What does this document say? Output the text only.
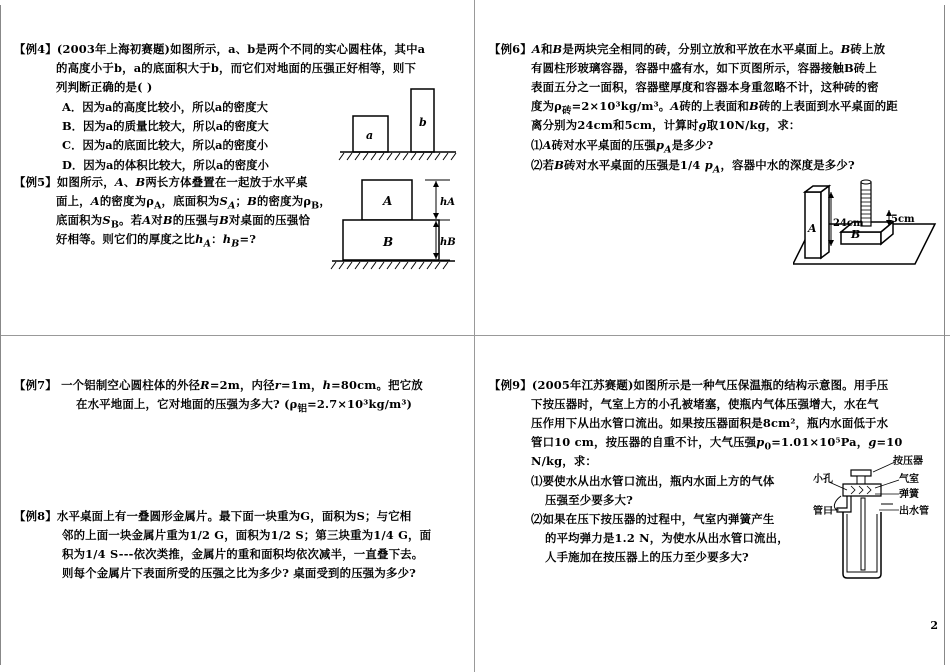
【例4】(2003年上海初赛题)如图所示，a、b是两个不同的实心圆柱体，其中a
的高度小于b，a的底面积大于b，而它们对地面的压强正好相等，则下
列判断正确的是( )
A．因为a的高度比较小，所以a的密度大
B．因为a的质量比较大，所以a的密度大
C．因为a的底面比较大，所以a的密度小
D．因为a的体积比较大，所以a的密度小
a
b
【例5】如图所示，A、B两长方体叠置在一起放于水平桌
面上，A的密度为$\rho_A$，底面积为$S_A$；B的密度为$\rho_B$，
底面积为$S_B$。若A对B的压强与B对桌面的压强恰
好相等。则它们的厚度之比$h_A$：$h_B=$?
A
B
hA
hB
【例6】A和B是两块完全相同的砖，分别立放和平放在水平桌面上。B砖上放
有圆柱形玻璃容器，容器中盛有水，如下页图所示，容器接触B砖上
表面五分之一面积，容器壁厚度和容器本身重忽略不计，这种砖的密
度为$\rho_砖=2\times 10^3kg/m^3$。A砖的上表面和B砖的上表面到水平桌面的距
离分别为24cm和5cm，计算时g取10N/kg，求：
⑴A砖对水平桌面的压强$p_A$是多少?
⑵若B砖对水平桌面的压强是1/4 $p_A$，容器中水的深度是多少?
A	B
24cm	5cm
【例7】 一个铝制空心圆柱体的外径R=2m，内径r=1m，h=80cm。把它放
在水平地面上，它对地面的压强为多大? $(\rho_铝=2.7\times 10^3kg/m^3)$
【例8】水平桌面上有一叠圆形金属片。最下面一块重为G，面积为S；与它相
邻的上面一块金属片重为1/2 G，面积为1/2 S；第三块重为1/4 G，面
积为1/4 S---依次类推，金属片的重和面积均依次减半，一直叠下去。
则每个金属片下表面所受的压强之比为多少? 桌面受到的压强为多少?
【例9】(2005年江苏赛题)如图所示是一种气压保温瓶的结构示意图。用手压
下按压器时，气室上方的小孔被堵塞，使瓶内气体压强增大，水在气
压作用下从出水管口流出。如果按压器面积是8cm²，瓶内水面低于水
管口10 cm，按压器的自重不计，大气压强$p_0=1.01\times 10^5Pa$，g=10
N/kg，求：
⑴要使水从出水管口流出，瓶内水面上方的气体
压强至少要多大?
⑵如果在压下按压器的过程中，气室内弹簧产生
的平均弹力是1.2 N，为使水从出水管口流出，
人手施加在按压器上的压力至少要多大?
按压器
小孔	气室
弹簧
管口	出水管
2
